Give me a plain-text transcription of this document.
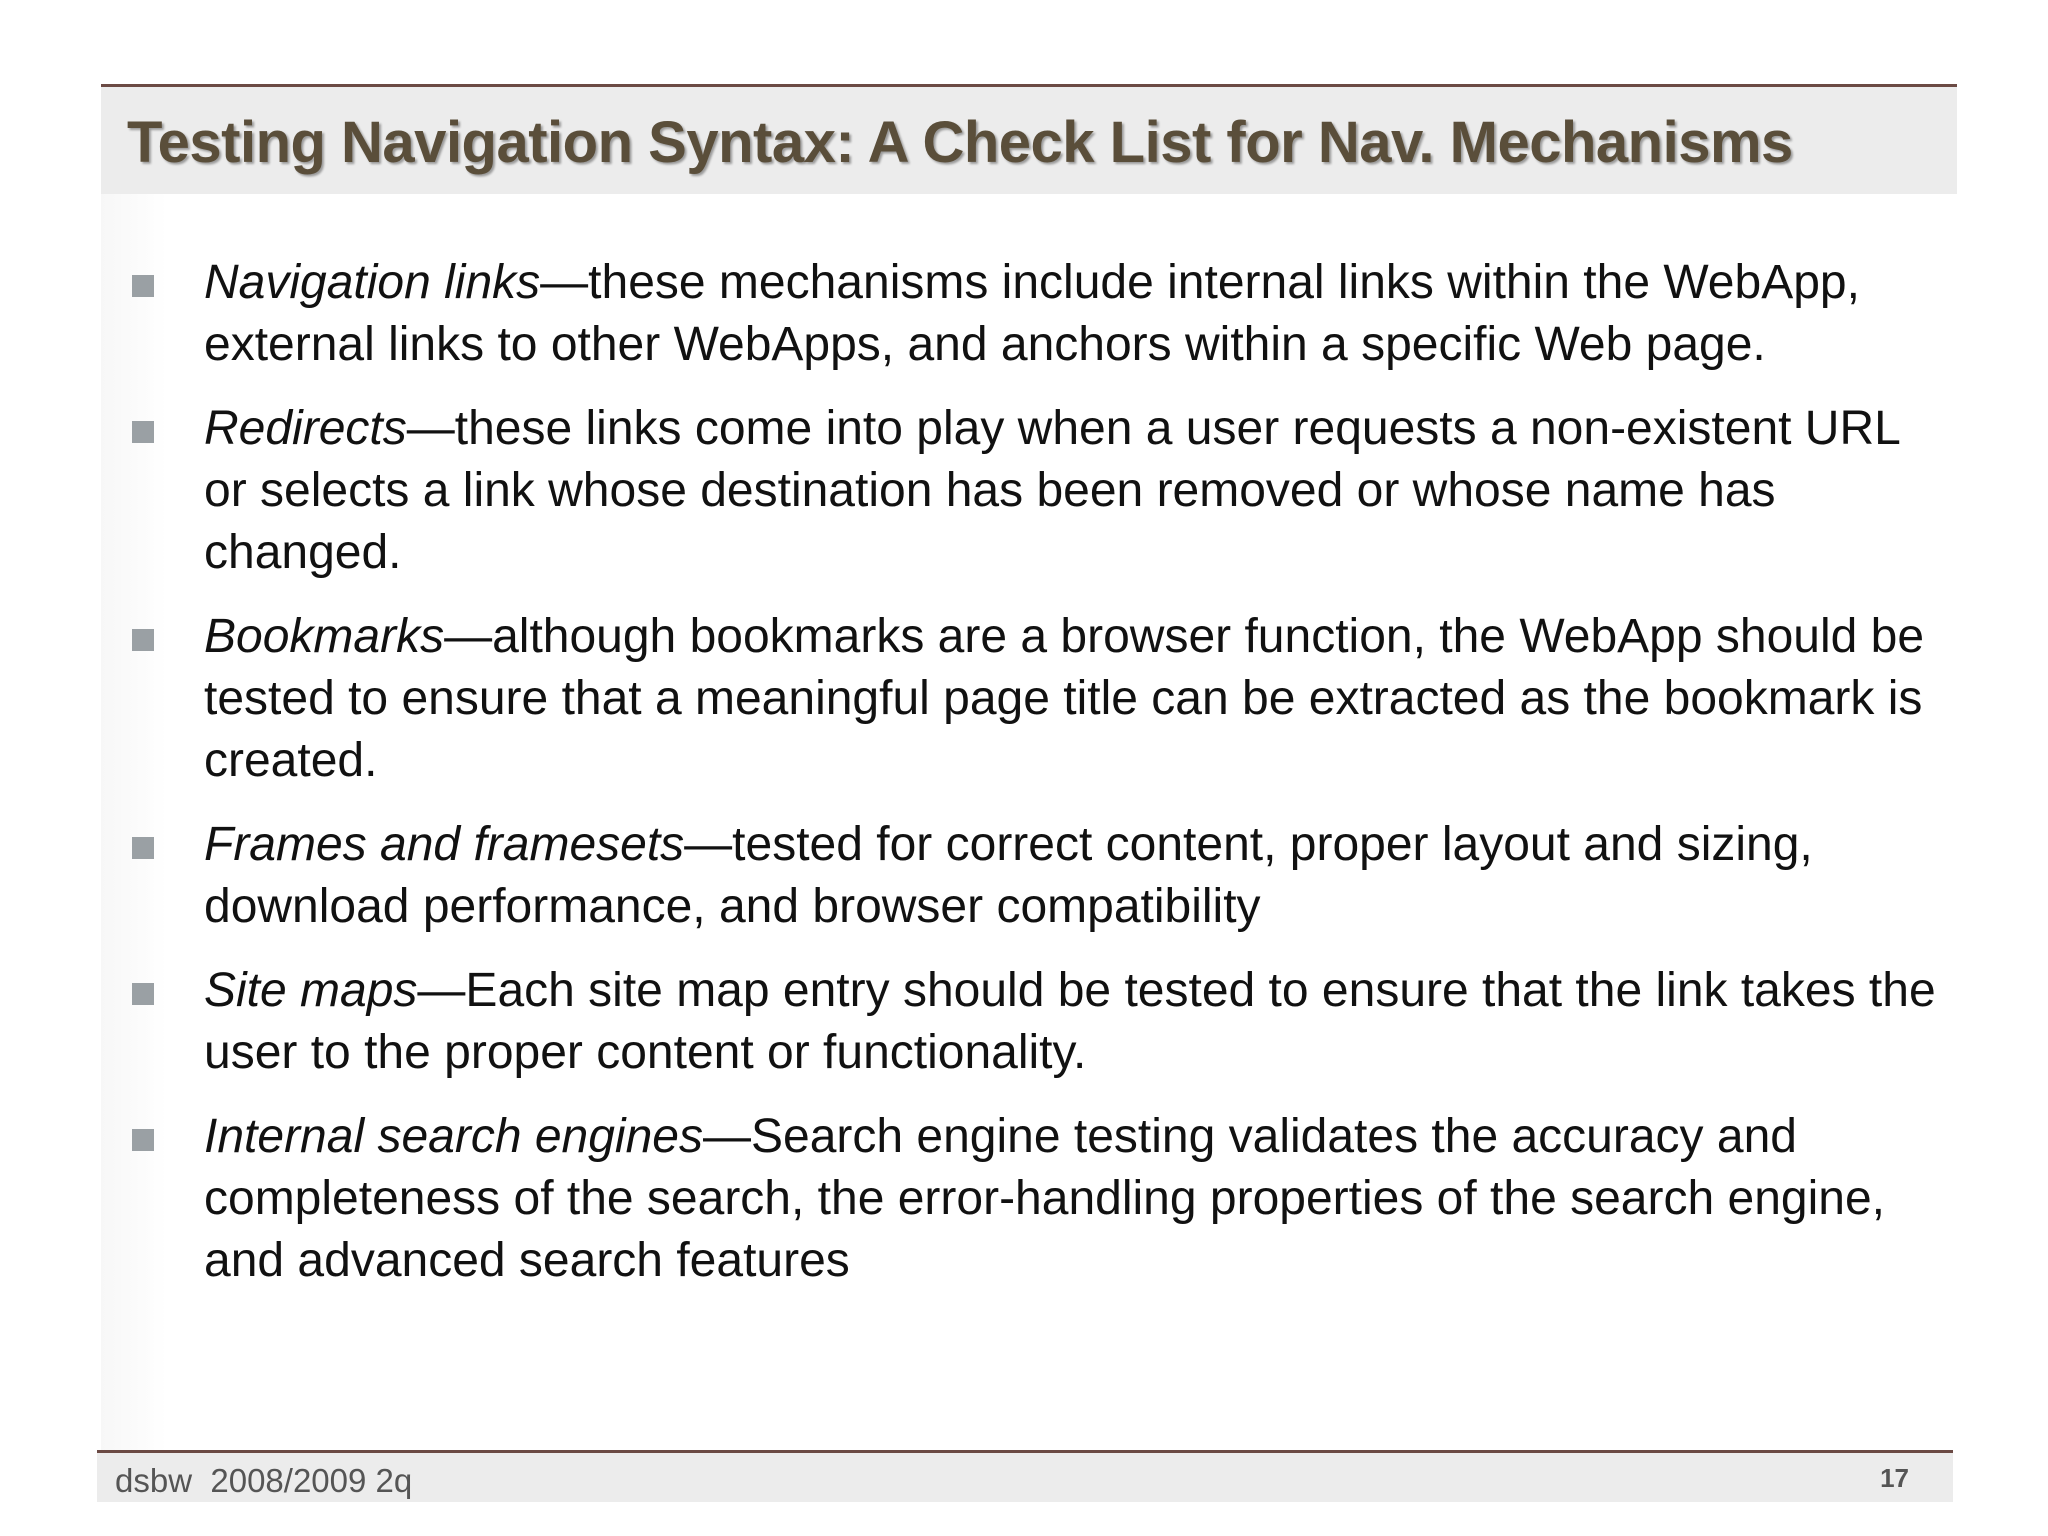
Testing Navigation Syntax: A Check List for Nav. Mechanisms
Navigation links—these mechanisms include internal links within the WebApp, external links to other WebApps, and anchors within a specific Web page.
Redirects—these links come into play when a user requests a non-existent URL or selects a link whose destination has been removed or whose name has changed.
Bookmarks—although bookmarks are a browser function, the WebApp should be tested to ensure that a meaningful page title can be extracted as the bookmark is created.
Frames and framesets—tested for correct content, proper layout and sizing, download performance, and browser compatibility
Site maps—Each site map entry should be tested to ensure that the link takes the user to the proper content or functionality.
Internal search engines—Search engine testing validates the accuracy and completeness of the search, the error-handling properties of the search engine, and advanced search features
dsbw  2008/2009 2q	17
